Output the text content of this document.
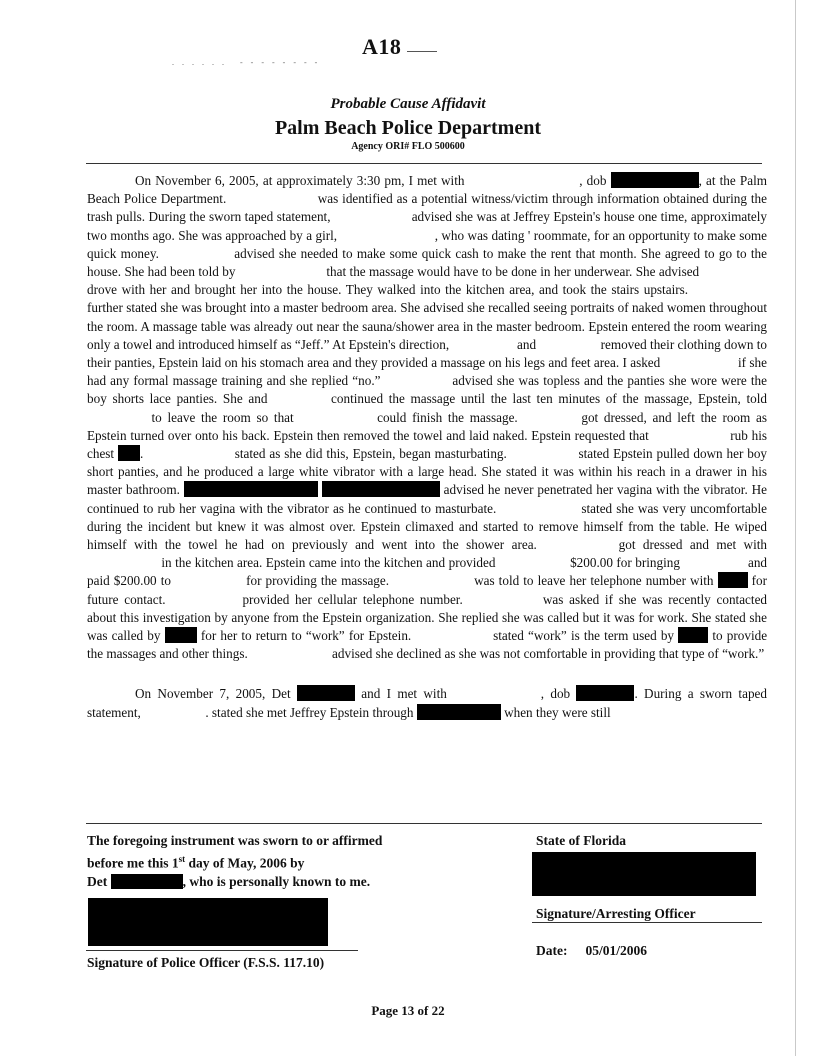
A18
. . . . . . - - - - - - - -
Probable Cause Affidavit
Palm Beach Police Department
Agency ORI# FLO 500600

On November 6, 2005, at approximately 3:30 pm, I met with	, dob	, at the Palm Beach Police Department.	was identified as a potential witness/victim through information obtained during the trash pulls. During the sworn taped statement,	advised she was at Jeffrey Epstein's house one time, approximately two months ago. She was approached by a girl,	, who was dating ' roommate, for an opportunity to make some quick money.	advised she needed to make some quick cash to make the rent that month. She agreed to go to the house. She had been told by	that the massage would have to be done in her underwear. She advised      drove with her and brought her into the house. They walked into the kitchen area, and took the stairs upstairs.         further stated she was brought into a master bedroom area. She advised she recalled seeing portraits of naked women throughout the room. A massage table was already out near the sauna/shower area in the master bedroom. Epstein entered the room wearing only a towel and introduced himself as “Jeff.” At Epstein's direction,	and	removed their clothing down to their panties, Epstein laid on his stomach area and they provided a massage on his legs and feet area. I asked	if she had any formal massage training and she replied “no.”	advised she was topless and the panties she wore were the boy shorts lace panties. She and	continued the massage until the last ten minutes of the massage, Epstein, told      to leave the room so that	could finish the massage.	got dressed, and left the room as Epstein turned over onto his back. Epstein then removed the towel and laid naked. Epstein requested that	rub his chest .	stated as she did this, Epstein, began masturbating.	stated Epstein pulled down her boy short panties, and he produced a large white vibrator with a large head. She stated it was within his reach in a drawer in his master bathroom.	advised he never penetrated her vagina with the vibrator. He continued to rub her vagina with the vibrator as he continued to masturbate.	stated she was very uncomfortable during the incident but knew it was almost over. Epstein climaxed and started to remove himself from the table. He wiped himself with the towel he had on previously and went into the shower area.	got dressed and met with         in the kitchen area. Epstein came into the kitchen and provided	$200.00 for bringing	and paid $200.00 to	for providing the massage.	was told to leave her telephone number with	for future contact.	provided her cellular telephone number.	was asked if she was recently contacted about this investigation by anyone from the Epstein organization. She replied she was called but it was for work. She stated she was called by	for her to return to “work” for Epstein.	stated “work” is the term used by	to provide the massages and other things.	advised she declined as she was not comfortable in providing that type of “work.”

On November 7, 2005, Det	and I met with	, dob	. During a sworn taped statement,	. stated she met Jeffrey Epstein through	when they were still

The foregoing instrument was sworn to or affirmed
before me this 1st day of May, 2006 by
Det	, who is personally known to me.
Signature of Police Officer (F.S.S. 117.10)
State of Florida
Signature/Arresting Officer
Date: 05/01/2006
Page 13 of 22
